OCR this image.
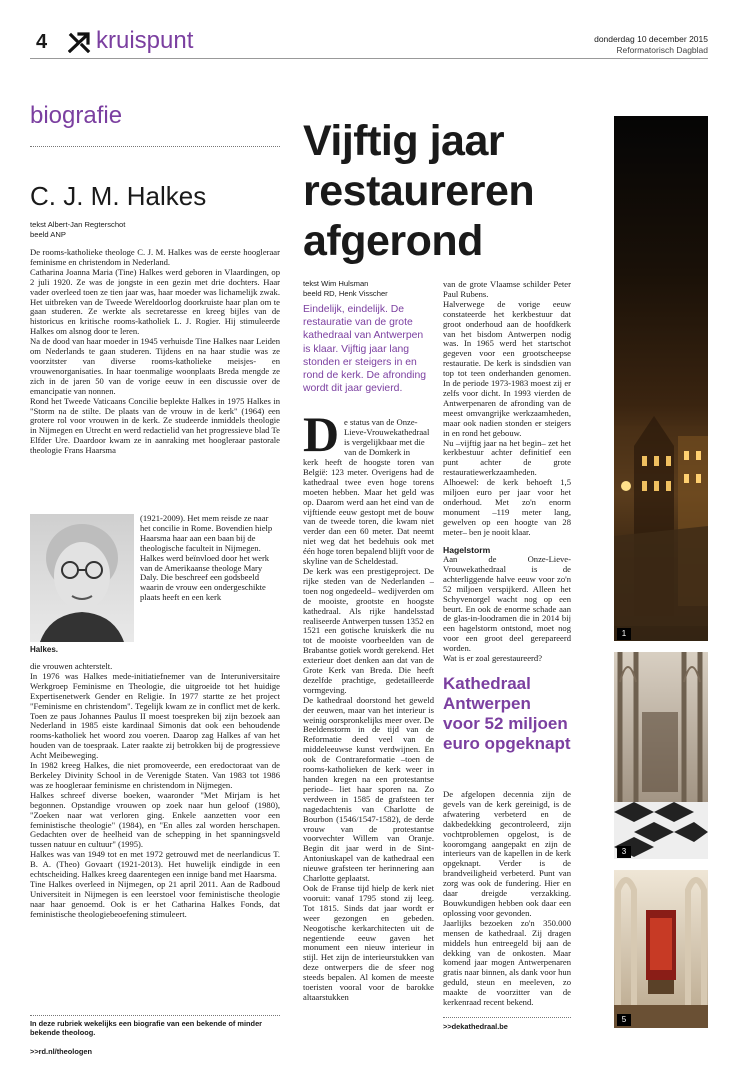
4 kruispunt	donderdag 10 december 2015
Reformatorisch Dagblad
biografie
C. J. M. Halkes
tekst Albert-Jan Regterschot
beeld ANP
De rooms-katholieke theologe C. J. M. Halkes was de eerste hoogleraar feminisme en christendom in Nederland.
Catharina Joanna Maria (Tine) Halkes werd geboren in Vlaardingen, op 2 juli 1920. Ze was de jongste in een gezin met drie dochters. Haar vader overleed toen ze tien jaar was, haar moeder was lichamelijk zwak. Het uitbreken van de Tweede Wereldoorlog doorkruiste haar plan om te gaan studeren. Ze werkte als secretaresse en kreeg bijles van de historicus en kritische rooms-katholiek L. J. Rogier. Hij stimuleerde Halkes om alsnog door te leren.
Na de dood van haar moeder in 1945 verhuisde Tine Halkes naar Leiden om Nederlands te gaan studeren. Tijdens en na haar studie was ze voorzitster van diverse rooms-katholieke meisjes- en vrouwenorganisaties. In haar toenmalige woonplaats Breda mengde ze zich in de jaren 50 van de vorige eeuw in een discussie over de emancipatie van nonnen.
Rond het Tweede Vaticaans Concilie beplekte Halkes in 1975 Halkes in "Storm na de stilte. De plaats van de vrouw in de kerk" (1964) een grotere rol voor vrouwen in de kerk. Ze studeerde inmiddels theologie in Nijmegen en Utrecht en werd redactielid van het progressieve blad Te Elfder Ure. Daardoor kwam ze in aanraking met hoogleraar pastorale theologie Frans Haarsma
Halkes.
(1921-2009). Het mem reisde ze naar het concilie in Rome. Bovendien hielp Haarsma haar aan een baan bij de theologische faculteit in Nijmegen.
Halkes werd beïnvloed door het werk van de Amerikaanse theologe Mary Daly. Die beschreef een godsbeeld waarin de vrouw een ondergeschikte plaats heeft en een kerk
die vrouwen achterstelt.
In 1976 was Halkes mede-initiatiefnemer van de Interuniversitaire Werkgroep Feminisme en Theologie, die uitgroeide tot het huidige Expertisenetwerk Gender en Religie. In 1977 startte ze het project "Feminisme en christendom". Tegelijk kwam ze in conflict met de kerk. Toen ze paus Johannes Paulus II moest toespreken bij zijn bezoek aan Nederland in 1985 eiste kardinaal Simonis dat ook een behoudende rooms-katholiek het woord zou voeren. Daarop zag Halkes af van het houden van de toespraak. Later raakte zij betrokken bij de progressieve Acht Meibeweging.
In 1982 kreeg Halkes, die niet promoveerde, een eredoctoraat van de Berkeley Divinity School in de Verenigde Staten. Van 1983 tot 1986 was ze hoogleraar feminisme en christendom in Nijmegen.
Halkes schreef diverse boeken, waaronder "Met Mirjam is het begonnen. Opstandige vrouwen op zoek naar hun geloof (1980), "Zoeken naar wat verloren ging. Enkele aanzetten voor een feministische theologie" (1984), en "En alles zal worden herschapen. Gedachten over de heelheid van de schepping in het spanningsveld tussen natuur en cultuur" (1995).
Halkes was van 1949 tot en met 1972 getrouwd met de neerlandicus T. B. A. (Theo) Govaart (1921-2013). Het huwelijk eindigde in een echtscheiding. Halkes kreeg daarentegen een innige band met Haarsma.
Tine Halkes overleed in Nijmegen, op 21 april 2011. Aan de Radboud Universiteit in Nijmegen is een leerstoel voor feministische theologie naar haar genoemd. Ook is er het Catharina Halkes Fonds, dat feministische theologiebeoefening stimuleert.
In deze rubriek wekelijks een biografie van een bekende of minder bekende theoloog.
>>rd.nl/theologen
Vijftig jaar restaureren afgerond
tekst Wim Hulsman
beeld RD, Henk Visscher
Eindelijk, eindelijk. De restauratie van de grote kathedraal van Antwerpen is klaar. Vijftig jaar lang stonden er steigers in en rond de kerk. De afronding wordt dit jaar gevierd.
D e status van de Onze-Lieve-Vrouwekathedraal is vergelijkbaar met die van de Domkerk in
kerk heeft de hoogste toren van België: 123 meter. Overigens had de kathedraal twee even hoge torens moeten hebben. Maar het geld was op. Daarom werd aan het eind van de vijftiende eeuw gestopt met de bouw van de tweede toren, die kwam niet verder dan een 60 meter. Dat neemt niet weg dat het bedehuis ook met één hoge toren bepalend blijft voor de skyline van de Scheldestad.
De kerk was een prestigeproject. De rijke steden van de Nederlanden –toen nog ongedeeld– wedijverden om de mooiste, grootste en hoogste kathedraal. Als rijke handelsstad realiseerde Antwerpen tussen 1352 en 1521 een gotische kruiskerk die nu tot de mooiste voorbeelden van de Brabantse gotiek wordt gerekend. Het exterieur doet denken aan dat van de Grote Kerk van Breda. Die heeft dezelfde prachtige, gedetailleerde vormgeving.
De kathedraal doorstond het geweld der eeuwen, maar van het interieur is weinig oorspronkelijks meer over. De Beeldenstorm in de tijd van de Reformatie deed veel van de middeleeuwse kunst verdwijnen. En ook de Contrareformatie –toen de rooms-katholieken de kerk weer in handen kregen na een protestantse periode– liet haar sporen na. Zo verdween in 1585 de grafsteen ter nagedachtenis van Charlotte de Bourbon (1546/1547-1582), de derde vrouw van de protestantse voorvechter Willem van Oranje. Begin dit jaar werd in de Sint-Antoniuskapel van de kathedraal een nieuwe grafsteen ter herinnering aan Charlotte geplaatst.
Ook de Franse tijd hielp de kerk niet vooruit: vanaf 1795 stond zij leeg. Tot 1815. Sinds dat jaar wordt er weer gezongen en gebeden. Neogotische kerkarchitecten uit de negentiende eeuw gaven het monument een nieuw interieur in stijl. Het zijn de interieurstukken van deze ontwerpers die de sfeer nog steeds bepalen. Al komen de meeste toeristen vooral voor de barokke altaarstukken
van de grote Vlaamse schilder Peter Paul Rubens.
Halverwege de vorige eeuw constateerde het kerkbestuur dat groot onderhoud aan de hoofdkerk van het bisdom Antwerpen nodig was. In 1965 werd het startschot gegeven voor een grootscheepse restauratie. De kerk is sindsdien van top tot teen onderhanden genomen. In de periode 1973-1983 moest zij er zelfs voor dicht. In 1993 vierden de Antwerpenaren de afronding van de meest omvangrijke werkzaamheden, maar ook nadien stonden er steigers in en rond het gebouw.
Nu –vijftig jaar na het begin– zet het kerkbestuur achter definitief een punt achter de grote restauratiewerkzaamheden. Alhoewel: de kerk behoeft 1,5 miljoen euro per jaar voor het onderhoud. Met zo'n enorm monument –119 meter lang, gewelven op een hoogte van 28 meter– ben je nooit klaar.
Hagelstorm
Aan de Onze-Lieve-Vrouwekathedraal is de achterliggende halve eeuw voor zo'n 52 miljoen verspijkerd. Alleen het Schyvenorgel wacht nog op een beurt. En ook de enorme schade aan de glas-in-loodramen die in 2014 bij een hagelstorm ontstond, moet nog voor een groot deel gerepareerd worden.
Wat is er zoal gerestaureerd?
Kathedraal Antwerpen voor 52 miljoen euro opgeknapt
De afgelopen decennia zijn de gevels van de kerk gereinigd, is de afwatering verbeterd en de dakbedekking gecontroleerd, zijn vochtproblemen opgelost, is de kooromgang aangepakt en zijn de interieurs van de kapellen in de kerk opgeknapt. Verder is de brandveiligheid verbeterd. Punt van zorg was ook de fundering. Hier en daar dreigde verzakking. Bouwkundigen hebben ook daar een oplossing voor gevonden.
Jaarlijks bezoeken zo'n 350.000 mensen de kathedraal. Zij dragen middels hun entreegeld bij aan de dekking van de onkosten. Maar komend jaar mogen Antwerpenaren gratis naar binnen, als dank voor hun geduld, steun en meeleven, zo maakte de voorzitter van de kerkenraad recent bekend.
>>dekathedraal.be
1
3
5
